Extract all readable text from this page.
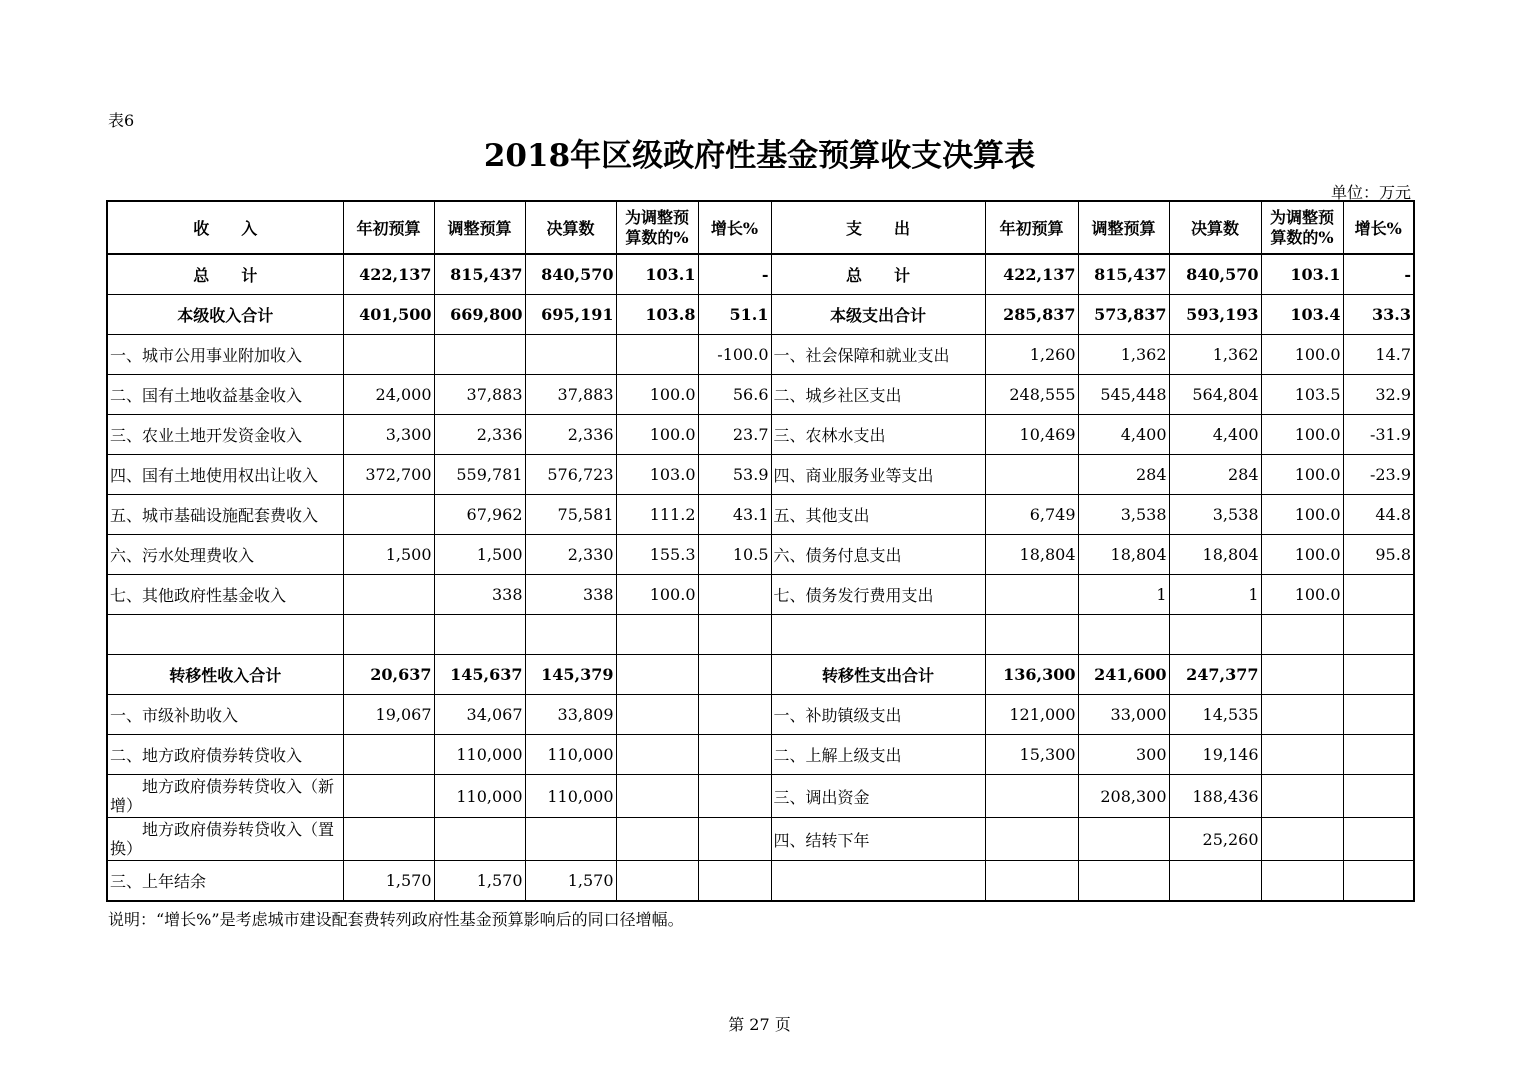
表6
2018年区级政府性基金预算收支决算表
单位：万元
收　　入	年初预算	调整预算	决算数	为调整预算数的%	增长%	支　　出	年初预算	调整预算	决算数	为调整预算数的%	增长%
总　　计	422,137	815,437	840,570	103.1	-	总　　计	422,137	815,437	840,570	103.1	-
本级收入合计	401,500	669,800	695,191	103.8	51.1	本级支出合计	285,837	573,837	593,193	103.4	33.3
一、城市公用事业附加收入					-100.0	一、社会保障和就业支出	1,260	1,362	1,362	100.0	14.7
二、国有土地收益基金收入	24,000	37,883	37,883	100.0	56.6	二、城乡社区支出	248,555	545,448	564,804	103.5	32.9
三、农业土地开发资金收入	3,300	2,336	2,336	100.0	23.7	三、农林水支出	10,469	4,400	4,400	100.0	-31.9
四、国有土地使用权出让收入	372,700	559,781	576,723	103.0	53.9	四、商业服务业等支出		284	284	100.0	-23.9
五、城市基础设施配套费收入		67,962	75,581	111.2	43.1	五、其他支出	6,749	3,538	3,538	100.0	44.8
六、污水处理费收入	1,500	1,500	2,330	155.3	10.5	六、债务付息支出	18,804	18,804	18,804	100.0	95.8
七、其他政府性基金收入		338	338	100.0		七、债务发行费用支出		1	1	100.0	

转移性收入合计	20,637	145,637	145,379			转移性支出合计	136,300	241,600	247,377		
一、市级补助收入	19,067	34,067	33,809			一、补助镇级支出	121,000	33,000	14,535		
二、地方政府债券转贷收入		110,000	110,000			二、上解上级支出	15,300	300	19,146		
　　地方政府债券转贷收入（新增）		110,000	110,000			三、调出资金		208,300	188,436		
　　地方政府债券转贷收入（置换）						四、结转下年			25,260		
三、上年结余	1,570	1,570	1,570								
说明：“增长%”是考虑城市建设配套费转列政府性基金预算影响后的同口径增幅。
第 27 页
